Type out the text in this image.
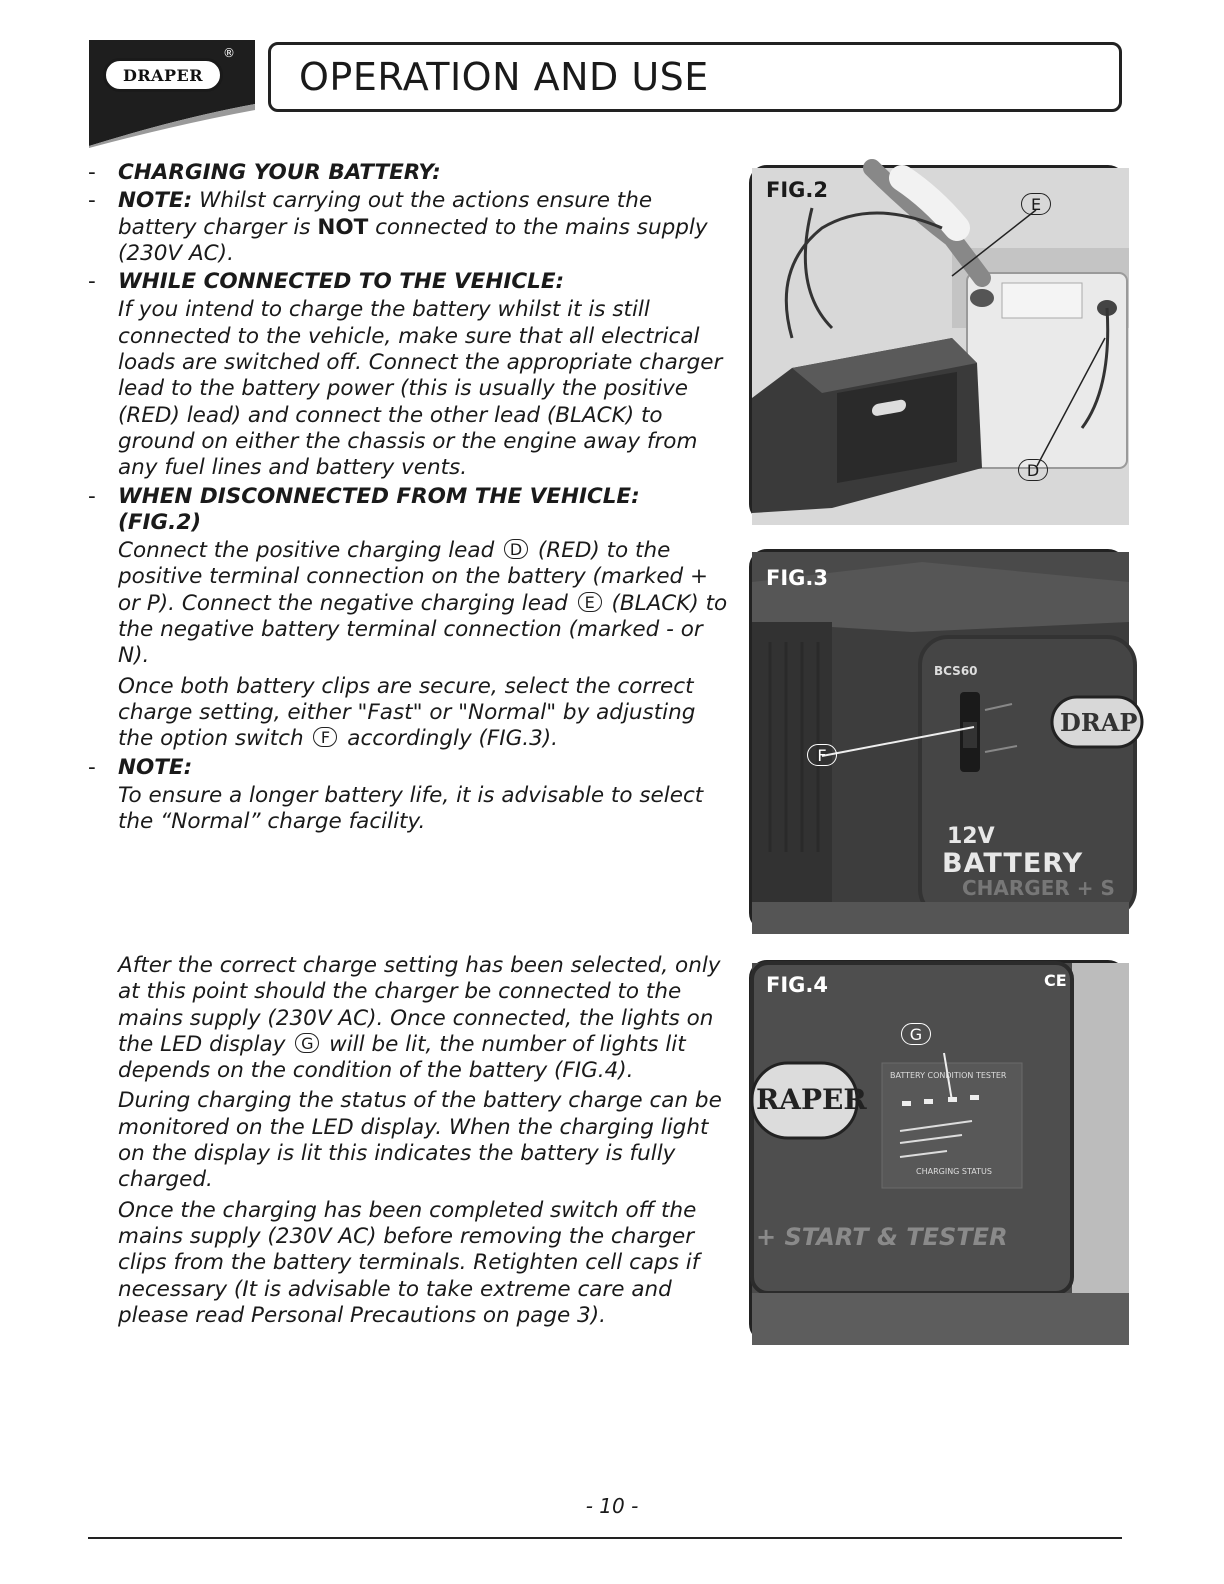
DRAPER
®
OPERATION AND USE
- CHARGING YOUR BATTERY:
- NOTE: Whilst carrying out the actions ensure the battery charger is NOT connected to the mains supply (230V AC).
- WHILE CONNECTED TO THE VEHICLE:
If you intend to charge the battery whilst it is still connected to the vehicle, make sure that all electrical loads are switched off. Connect the appropriate charger lead to the battery power (this is usually the positive (RED) lead) and connect the other lead (BLACK) to ground on either the chassis or the engine away from any fuel lines and battery vents.
- WHEN DISCONNECTED FROM THE VEHICLE: (FIG.2)
Connect the positive charging lead D (RED) to the positive terminal connection on the battery (marked + or P). Connect the negative charging lead E (BLACK) to the negative battery terminal connection (marked - or N).
Once both battery clips are secure, select the correct charge setting, either "Fast" or "Normal" by adjusting the option switch F accordingly (FIG.3).
- NOTE:
To ensure a longer battery life, it is advisable to select the “Normal” charge facility.
After the correct charge setting has been selected, only at this point should the charger be connected to the mains supply (230V AC). Once connected, the lights on the LED display G will be lit, the number of lights lit depends on the condition of the battery (FIG.4).
During charging the status of the battery charge can be monitored on the LED display. When the charging light on the display is lit this indicates the battery is fully charged.
Once the charging has been completed switch off the mains supply (230V AC) before removing the charger clips from the battery terminals. Retighten cell caps if necessary (It is advisable to take extreme care and please read Personal Precautions on page 3).
FIG.2
E
D
FIG.3
BCS60
DRAP
12V
BATTERY
CHARGER + S
F
FIG.4	CE
RAPER
BATTERY CONDITION TESTER
CHARGING STATUS
+ START & TESTER
G
- 10 -
